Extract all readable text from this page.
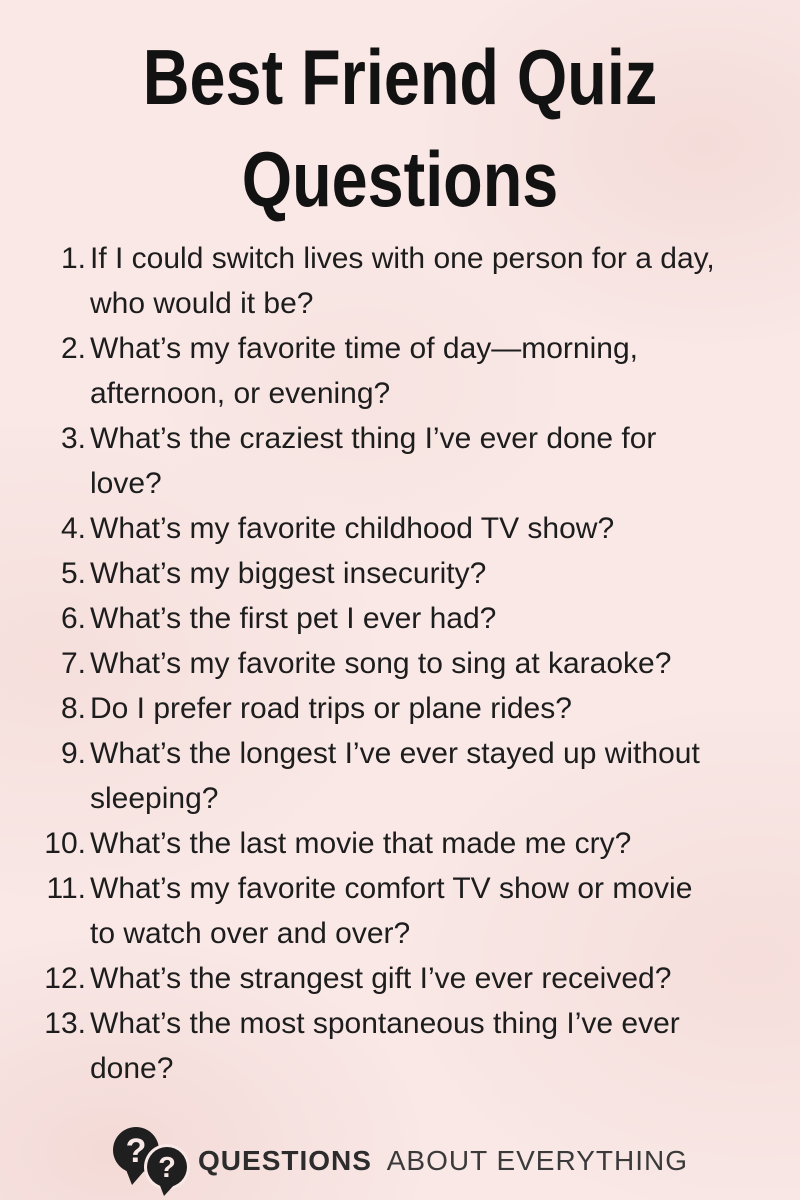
Best Friend Quiz
Questions
1. If I could switch lives with one person for a day, who would it be?
2. What’s my favorite time of day—morning, afternoon, or evening?
3. What’s the craziest thing I’ve ever done for love?
4. What’s my favorite childhood TV show?
5. What’s my biggest insecurity?
6. What’s the first pet I ever had?
7. What’s my favorite song to sing at karaoke?
8. Do I prefer road trips or plane rides?
9. What’s the longest I’ve ever stayed up without sleeping?
10. What’s the last movie that made me cry?
11. What’s my favorite comfort TV show or movie to watch over and over?
12. What’s the strangest gift I’ve ever received?
13. What’s the most spontaneous thing I’ve ever done?
? ? QUESTIONS ABOUT EVERYTHING
